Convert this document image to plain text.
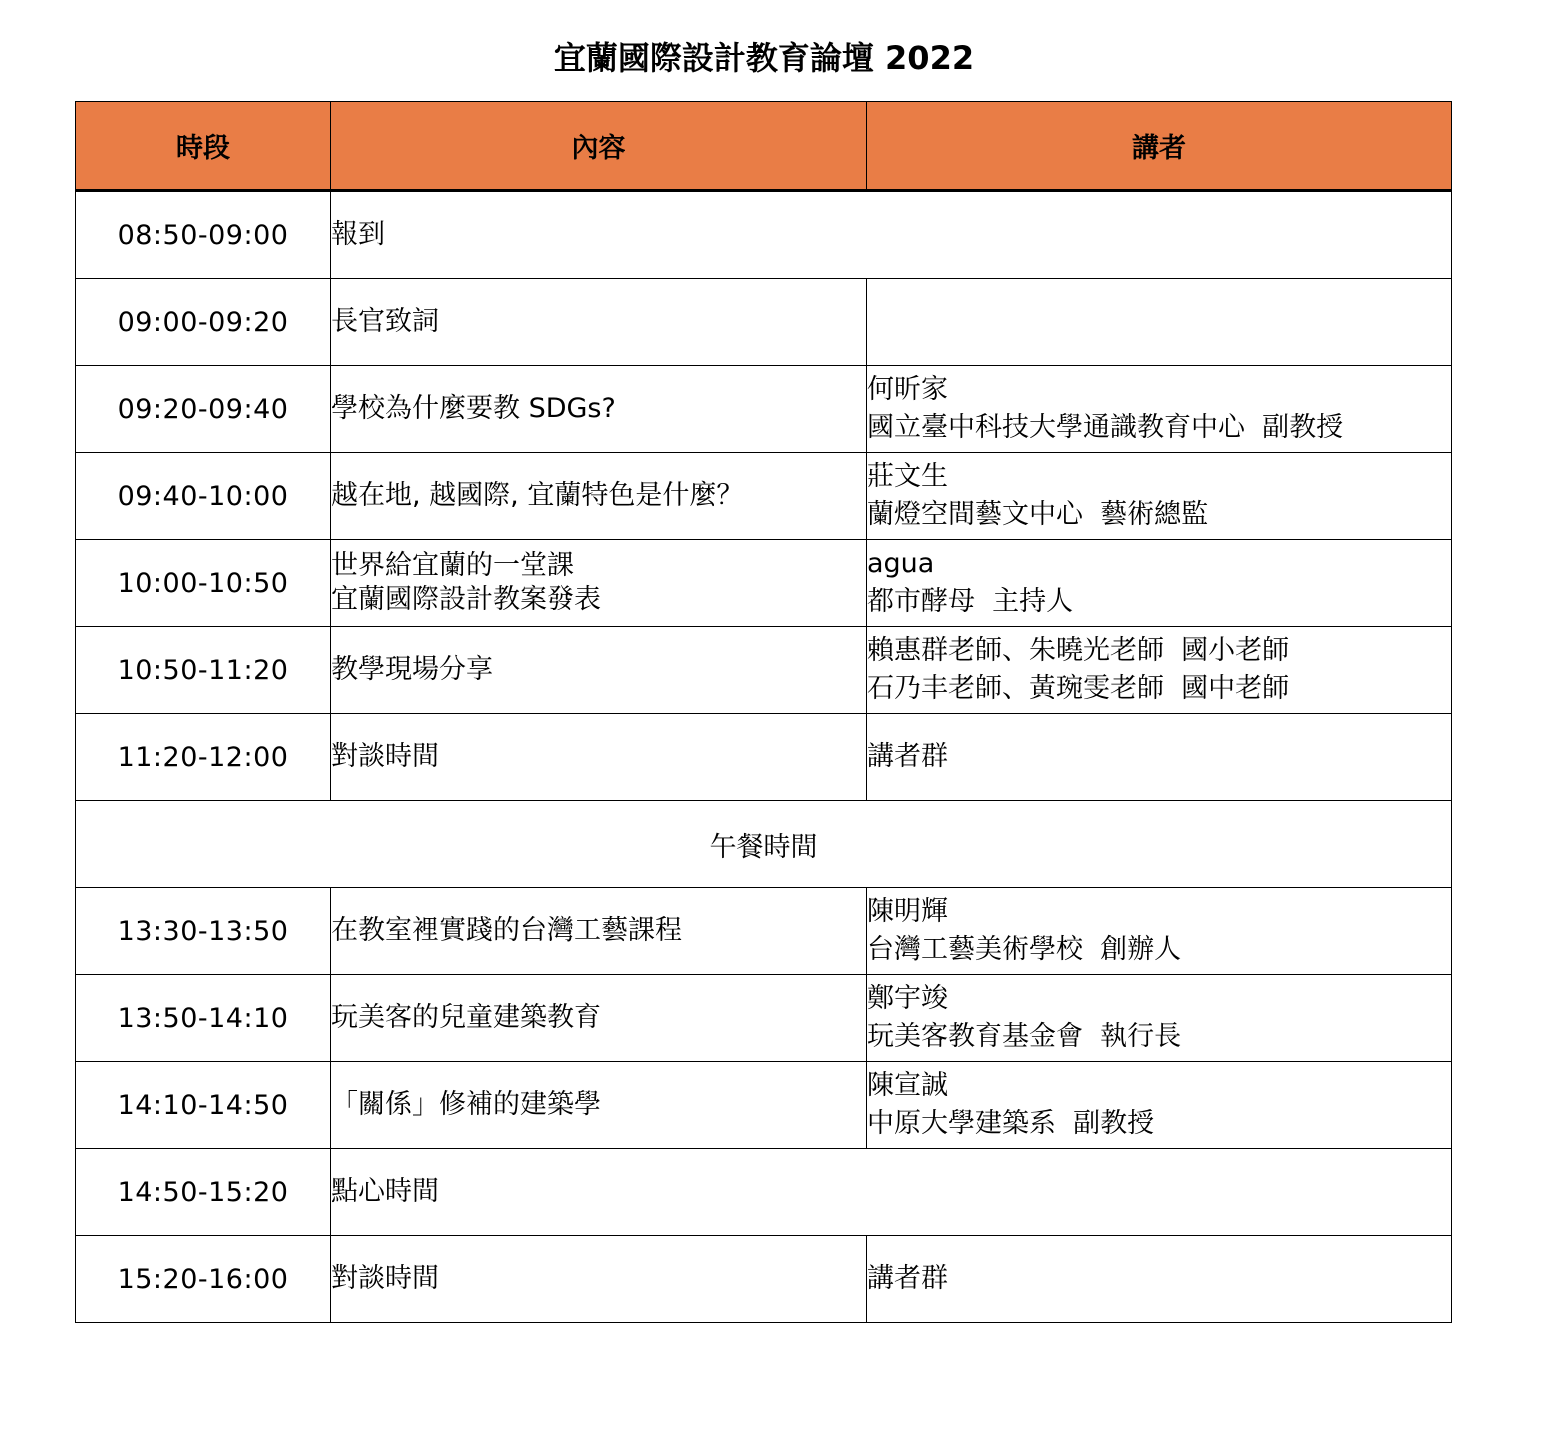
宜蘭國際設計教育論壇 2022
時段	內容	講者
08:50-09:00	報到	

09:00-09:20	長官致詞	

09:20-09:40	學校為什麼要教 SDGs?	何昕家
國立臺中科技大學通識教育中心  副教授

09:40-10:00	越在地, 越國際, 宜蘭特色是什麼？	莊文生
蘭燈空間藝文中心  藝術總監

10:00-10:50	世界給宜蘭的一堂課
宜蘭國際設計教案發表	agua
都市酵母  主持人

10:50-11:20	教學現場分享	賴惠群老師、朱曉光老師  國小老師
石乃丰老師、黃琬雯老師  國中老師

11:20-12:00	對談時間	講者群

午餐時間		
13:30-13:50	在教室裡實踐的台灣工藝課程	陳明輝
台灣工藝美術學校  創辦人

13:50-14:10	玩美客的兒童建築教育	鄭宇竣
玩美客教育基金會  執行長

14:10-14:50	「關係」修補的建築學	陳宣誠
中原大學建築系  副教授

14:50-15:20	點心時間	

15:20-16:00	對談時間	講者群
